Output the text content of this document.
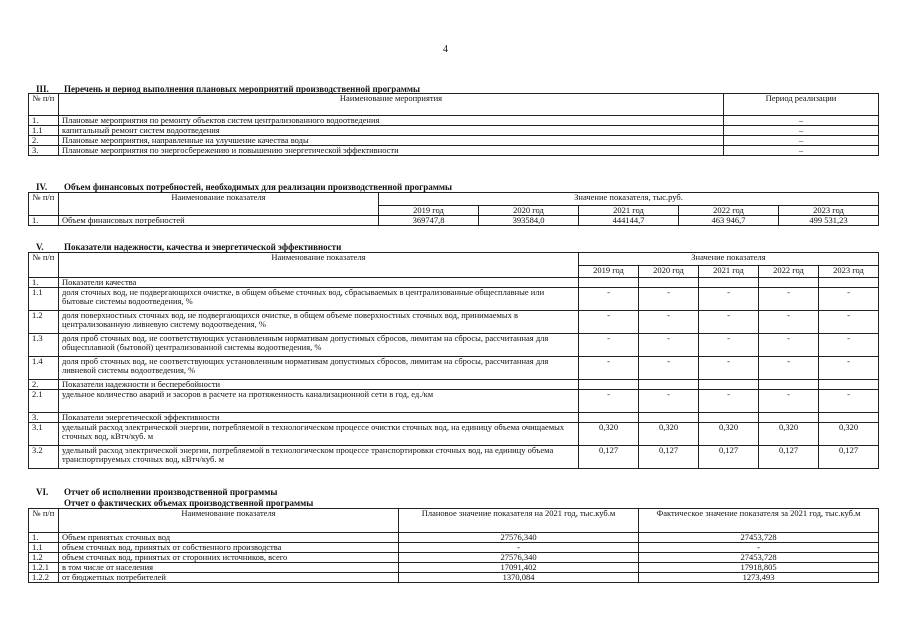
4
III. Перечень и период выполнения плановых мероприятий производственной программы
№ п/п	Наименование мероприятия	Период реализации
1.	Плановые мероприятия по ремонту объектов систем централизованного водоотведения	–
1.1	капитальный ремонт систем водоотведения	–
2.	Плановые мероприятия, направленные на улучшение качества воды	–
3.	Плановые мероприятия по энергосбережению и повышению энергетической эффективности	–
IV. Объем финансовых потребностей, необходимых для реализации производственной программы
№ п/п	Наименование показателя	Значение показателя, тыс.руб.				
		2019 год	2020 год	2021 год	2022 год	2023 год
1.	Объем финансовых потребностей	369747,8	393584,0	444144,7	463 946,7	499 531,23
V. Показатели надежности, качества и энергетической эффективности
№ п/п	Наименование показателя	Значение показателя				
		2019 год	2020 год	2021 год	2022 год	2023 год
1.	Показатели качества					
1.1	доля сточных вод, не подвергающихся очистке, в общем объеме сточных вод, сбрасываемых в централизованные общесплавные или бытовые системы водоотведения, %	-	-	-	-	-
1.2	доля поверхностных сточных вод, не подвергающихся очистке, в общем объеме поверхностных сточных вод, принимаемых в централизованную ливневую систему водоотведения, %	-	-	-	-	-
1.3	доля проб сточных вод, не соответствующих установленным нормативам допустимых сбросов, лимитам на сбросы, рассчитанная для общесплавной (бытовой) централизованной системы водоотведения, %	-	-	-	-	-
1.4	доля проб сточных вод, не соответствующих установленным нормативам допустимых сбросов, лимитам на сбросы, рассчитанная для ливневой системы водоотведения, %	-	-	-	-	-
2.	Показатели надежности и бесперебойности					
2.1	удельное количество аварий и засоров в расчете на протяженность канализационной сети в год, ед./км	-	-	-	-	-
3.	Показатели энергетической эффективности					
3.1	удельный расход электрической энергии, потребляемой в технологическом процессе очистки сточных вод, на единицу объема очищаемых сточных вод, кВтч/куб. м	0,320	0,320	0,320	0,320	0,320
3.2	удельный расход электрической энергии, потребляемой в технологическом процессе транспортировки сточных вод, на единицу объема транспортируемых сточных вод, кВтч/куб. м	0,127	0,127	0,127	0,127	0,127
VI. Отчет об исполнении производственной программы
Отчет о фактических объемах производственной программы
№ п/п	Наименование показателя	Плановое значение показателя на 2021 год, тыс.куб.м	Фактическое значение показателя за 2021 год, тыс.куб.м
1.	Объем принятых сточных вод	27576,340	27453,728
1.1	объем сточных вод, принятых от собственного производства	-	-
1.2	объем сточных вод, принятых от сторонних источников, всего	27576,340	27453,728
1.2.1	в том числе от населения	17091,402	17918,805
1.2.2	от бюджетных потребителей	1370,084	1273,493
